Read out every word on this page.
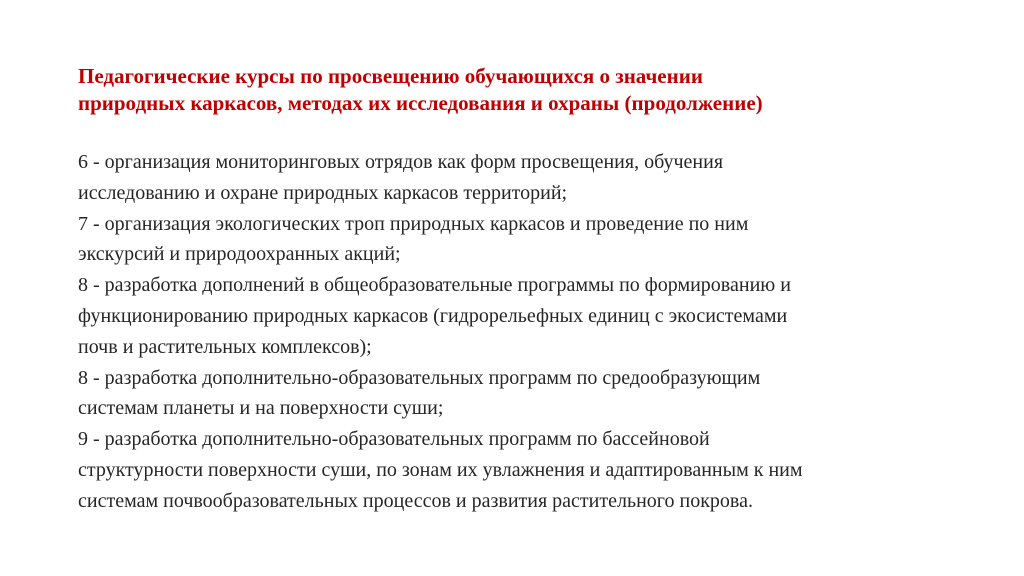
Педагогические курсы по просвещению обучающихся о значении
природных каркасов, методах их исследования и охраны (продолжение)
6 - организация мониторинговых отрядов как форм просвещения, обучения
исследованию и охране природных каркасов территорий;
7 - организация экологических троп природных каркасов и проведение по ним
экскурсий и природоохранных акций;
8 - разработка дополнений в общеобразовательные программы по формированию и
функционированию природных каркасов (гидрорельефных единиц с экосистемами
почв и растительных комплексов);
8 - разработка дополнительно-образовательных программ по средообразующим
системам планеты и на поверхности суши;
9 - разработка дополнительно-образовательных программ по бассейновой
структурности поверхности суши, по зонам их увлажнения и адаптированным к ним
системам почвообразовательных процессов и развития растительного покрова.
